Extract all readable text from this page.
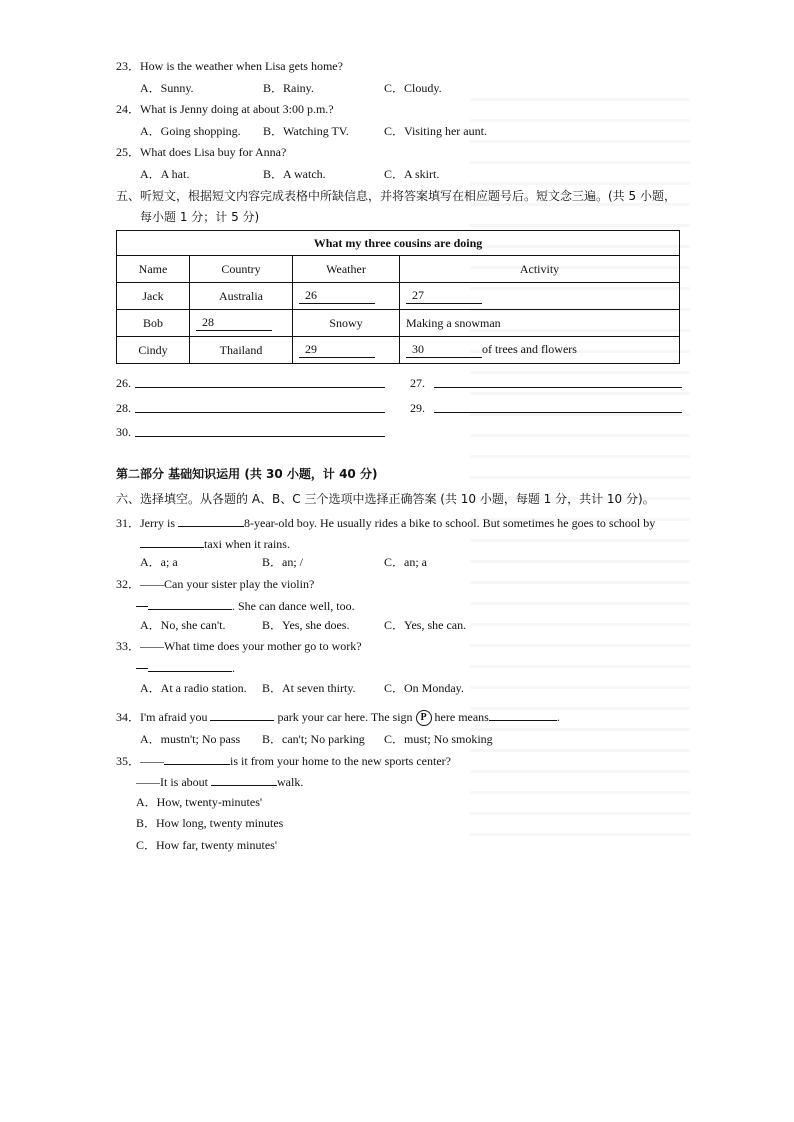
23．How is the weather when Lisa gets home?
A．Sunny.	B．Rainy.	C．Cloudy.
24．What is Jenny doing at about 3:00 p.m.?
A．Going shopping. B．Watching TV.	C．Visiting her aunt.
25．What does Lisa buy for Anna?
A．A hat.	B．A watch.	C．A skirt.
五、听短文，根据短文内容完成表格中所缺信息，并将答案填写在相应题号后。短文念三遍。(共 5 小题，
每小题 1 分；计 5 分)
What my three cousins are doing			
Name	Country	Weather	Activity
Jack	Australia	26	27
Bob	28	Snowy	Making a snowman
Cindy	Thailand	29	30 of trees and flowers
26.	27.
28.	29.
30.
第二部分 基础知识运用 (共 30 小题，计 40 分)
六、选择填空。从各题的 A、B、C 三个选项中选择正确答案 (共 10 小题，每题 1 分，共计 10 分)。
31．Jerry is	8-year-old boy. He usually rides a bike to school. But sometimes he goes to school by
taxi when it rains.
A．a; a	B．an; /	C．an; a
32．——Can your sister play the violin?
. She can dance well, too.
A．No, she can't.	B．Yes, she does.	C．Yes, she can.
33．——What time does your mother go to work?
.
A．At a radio station. B．At seven thirty. C．On Monday.
34．I'm afraid you	park your car here. The sign P here means	.
A．mustn't; No pass B．can't; No parking C．must; No smoking
35．——	is it from your home to the new sports center?
——It is about	walk.
A．How, twenty-minutes'
B．How long, twenty minutes
C．How far, twenty minutes'
